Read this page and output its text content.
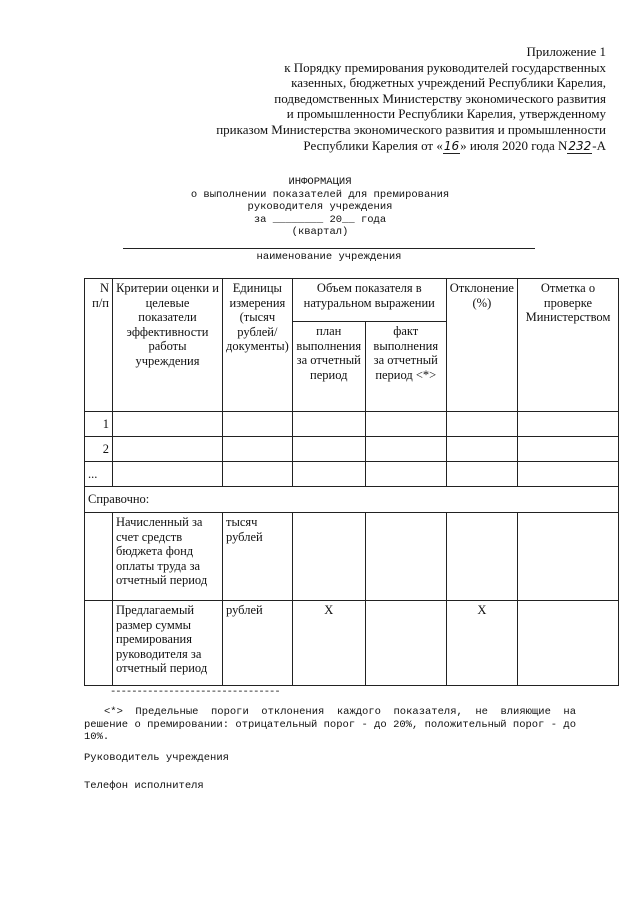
Приложение 1
к Порядку премирования руководителей государственных
казенных, бюджетных учреждений Республики Карелия,
подведомственных Министерству экономического развития
и промышленности Республики Карелия, утвержденному
приказом Министерства экономического развития и промышленности
Республики Карелия от «16» июля 2020 года N232-А
ИНФОРМАЦИЯ
о выполнении показателей для премирования
руководителя учреждения
за ________ 20__ года
(квартал)
наименование учреждения
N п/п	Критерии оценки и целевые показатели эффективности работы учреждения	Единицы измерения (тысяч рублей/ документы)	Объем показателя в натуральном выражении		Отклонение (%)	Отметка о проверке Министерством
			план выполнения за отчетный период	факт выполнения за отчетный период <*>		
1						
2						
...						
Справочно:						
	Начисленный за счет средств бюджета фонд оплаты труда за отчетный период	тысяч рублей				
	Предлагаемый размер суммы премирования руководителя за отчетный период	рублей	Х		Х	
--------------------------------
<*> Предельные пороги отклонения каждого показателя, не влияющие на решение о премировании: отрицательный порог - до 20%, положительный порог - до 10%.
Руководитель учреждения
Телефон исполнителя
